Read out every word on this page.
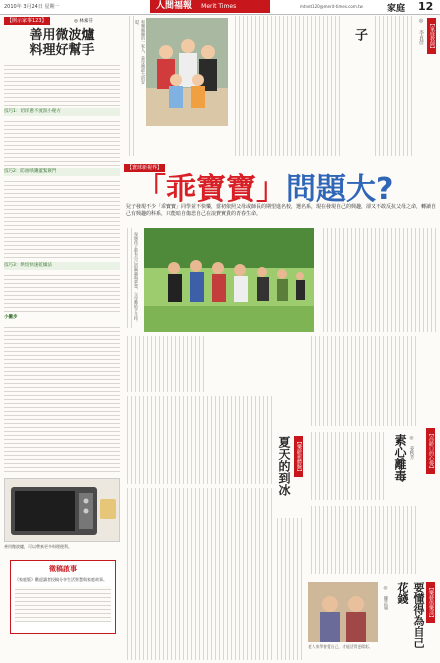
2010年 3月24日 星期一	人間福報 Merit Times	mtnet120@merit-times.com.tw	家庭 12
【開示家事123】	◎ 林素芬
善用微波爐
料理好幫手
技巧1：切洋蔥不流淚小秘方
技巧2：防油喷濺蓋緊竅門
技巧3：烘焙快速乾燥法
小撇步
善用微波爐，可以帶來更多料理便利。
徵稿啟事
《家庭版》歡迎讀者投稿分享生活智慧與家庭故事。
和樂融融的一家人，是母親最大的安慰。
子	◎ 李貞伴	【家庭教師】
【寰球新視界】
「乖寶寶」問題大?
兒子發現不少「乖寶寶」同學並不快樂，當初依照父母或師長的期望進名校，選名系，現在發現自己的興趣，卻又不敢反抗父母之命，轉讀自己有興趣的科系，只能暗自傷悲自己在浪費實貴的青春生命。
每個孩子都有自己的興趣與夢想，父母應給予支持。
夏天的到冰	【樂齡新體驗】	素心離毒 ◎ 姜秋芳	【高齡口的心聲】
【樂藝俱樂部】
要懂得為自己花錢
◎ 羅芷嵐
老人家學會愛自己，才能活得更精彩。
